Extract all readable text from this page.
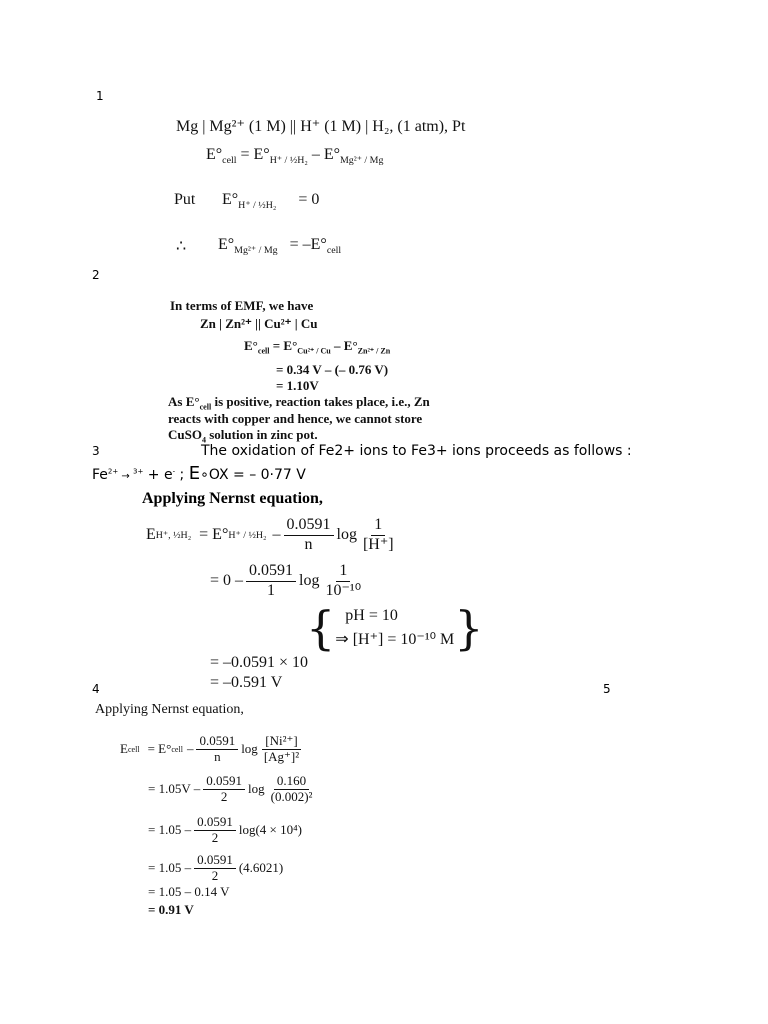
1
Mg | Mg²⁺ (1 M) || H⁺ (1 M) | H₂, (1 atm), Pt
$E^\circ_{cell} = E^\circ_{H^+ / \frac{1}{2}H_2} - E^\circ_{Mg^{2+} / Mg}$
Put $E^\circ_{H^+ / \frac{1}{2}H_2} = 0$
∴ $E^\circ_{Mg^{2+} / Mg} = -E^\circ_{cell}$
2
In terms of EMF, we have
Zn | Zn²⁺ || Cu²⁺ | Cu
$E^\circ_{cell} = E^\circ_{Cu^{2+} / Cu} - E^\circ_{Zn^{2+} / Zn}$
= 0.34 V – (– 0.76 V)
= 1.10V
As $E^\circ_{cell}$ is positive, reaction takes place, i.e., Zn
reacts with copper and hence, we cannot store
CuSO$_4$ solution in zinc pot.
3	The oxidation of Fe2+ ions to Fe3+ ions proceeds as follows :
$Fe^{2+} \to ^{3+} + e^-$ ; E∘OX = – 0·77 V
Applying Nernst equation,
E H⁺, ½H₂ = E° H⁺ / ½H₂ – $\frac{0.0591}{n}$ $\log \frac{1}{[H^+]}$
= $0 - \frac{0.0591}{1}$ $\log \frac{1}{\text{10⁻¹⁰}}$
{ pH = 10
⇒ [H⁺] = 10⁻¹⁰ M }
= –0.0591 × 10
= –0.591 V
4	5
Applying Nernst equation,
E cell = E° cell – $\frac{0.0591}{n}$ $\log \frac{\text{[Ni²⁺]}}{\text{[Ag⁺]²}}$
= $1.05V - \frac{0.0591}{2}$ $\log \frac{0.160}{\text{(0.002)²}}$
= $1.05 - \frac{0.0591}{2} \log(4 \times 10^4)$
= $1.05 - \frac{0.0591}{2} (4.6021)$
= 1.05 – 0.14 V
= 0.91 V
